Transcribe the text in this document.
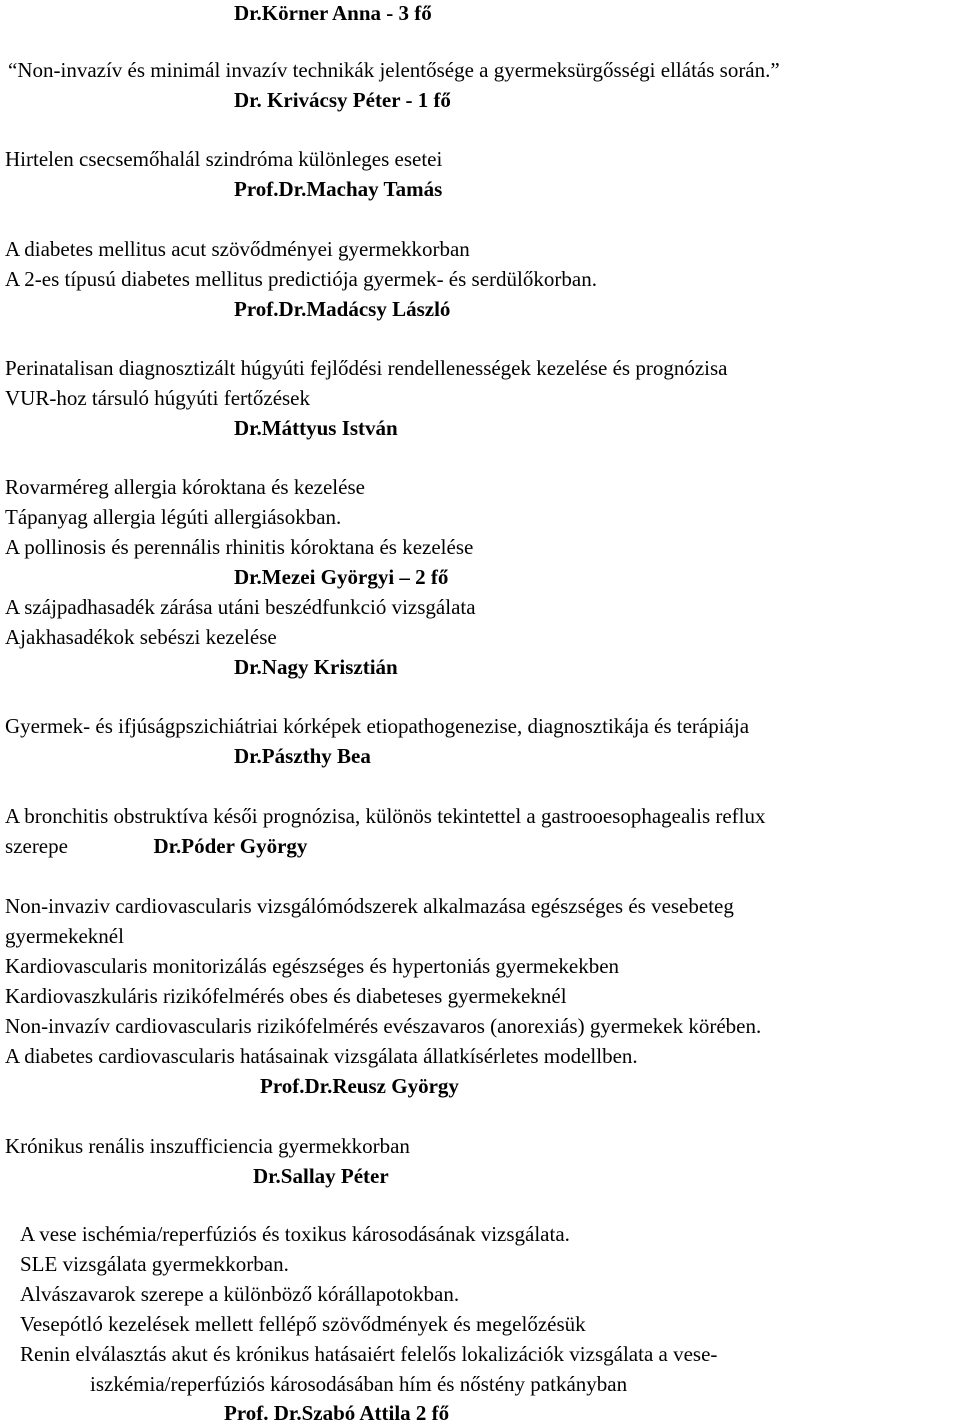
Dr.Körner Anna - 3 fő
“Non-invazív és minimál invazív technikák jelentősége a gyermeksürgősségi ellátás során.”
Dr. Krivácsy Péter - 1 fő
Hirtelen csecsemőhalál szindróma különleges esetei
Prof.Dr.Machay Tamás
A diabetes mellitus acut szövődményei gyermekkorban
A 2-es típusú diabetes mellitus predictiója gyermek- és serdülőkorban.
Prof.Dr.Madácsy László
Perinatalisan diagnosztizált húgyúti fejlődési rendellenességek kezelése és prognózisa
VUR-hoz társuló húgyúti fertőzések
Dr.Máttyus István
Rovarméreg allergia kóroktana és kezelése
Tápanyag allergia légúti allergiásokban.
A pollinosis és perennális rhinitis kóroktana és kezelése
Dr.Mezei Györgyi – 2 fő
A szájpadhasadék zárása utáni beszédfunkció vizsgálata
Ajakhasadékok sebészi kezelése
Dr.Nagy Krisztián
Gyermek- és ifjúságpszichiátriai kórképek etiopathogenezise, diagnosztikája és terápiája
Dr.Pászthy Bea
A bronchitis obstruktíva késői prognózisa, különös tekintettel a gastrooesophagealis reflux
szerepe	Dr.Póder György
Non-invaziv cardiovascularis vizsgálómódszerek alkalmazása egészséges és vesebeteg
gyermekeknél
Kardiovascularis monitorizálás egészséges és hypertoniás gyermekekben
Kardiovaszkuláris rizikófelmérés obes és diabeteses gyermekeknél
Non-invazív cardiovascularis rizikófelmérés evészavaros (anorexiás) gyermekek körében.
A diabetes cardiovascularis hatásainak vizsgálata állatkísérletes modellben.
Prof.Dr.Reusz György
Krónikus renális inszufficiencia gyermekkorban
Dr.Sallay Péter
A vese ischémia/reperfúziós és toxikus károsodásának vizsgálata.
SLE vizsgálata gyermekkorban.
Alvászavarok szerepe a különböző kórállapotokban.
Vesepótló kezelések mellett fellépő szövődmények és megelőzésük
Renin elválasztás akut és krónikus hatásaiért felelős lokalizációk vizsgálata a vese-
iszkémia/reperfúziós károsodásában hím és nőstény patkányban
Prof. Dr.Szabó Attila 2 fő
